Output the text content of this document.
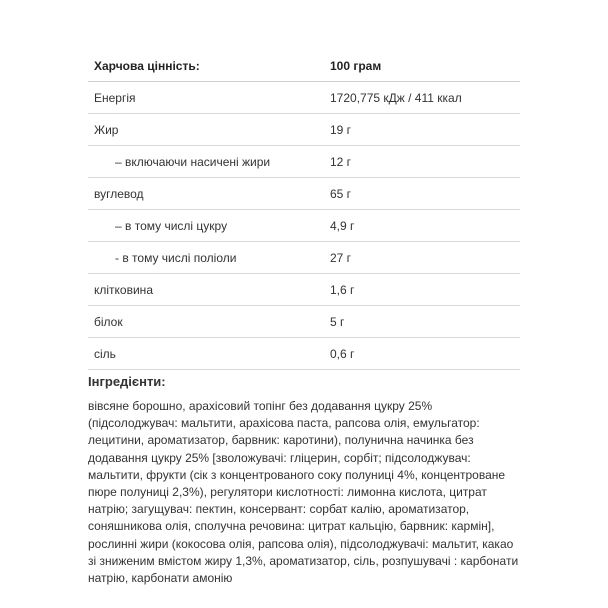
Харчова цінність:	100 грам
Енергія	1720,775 кДж / 411 ккал
Жир	19 г
– включаючи насичені жири	12 г
вуглевод	65 г
– в тому числі цукру	4,9 г
- в тому числі поліоли	27 г
клітковина	1,6 г
білок	5 г
сіль	0,6 г
Інгредієнти:
вівсяне борошно, арахісовий топінг без додавання цукру 25% (підсолоджувач: мальтити, арахісова паста, рапсова олія, емульгатор: лецитини, ароматизатор, барвник: каротини), полунична начинка без додавання цукру 25% [зволожувачі: гліцерин, сорбіт; підсолоджувач: мальтити, фрукти (сік з концентрованого соку полуниці 4%, концентроване пюре полуниці 2,3%), регулятори кислотності: лимонна кислота, цитрат натрію; загущувач: пектин, консервант: сорбат калію, ароматизатор, соняшникова олія, сполучна речовина: цитрат кальцію, барвник: кармін], рослинні жири (кокосова олія, рапсова олія), підсолоджувачі: мальтит, какао зі зниженим вмістом жиру 1,3%, ароматизатор, сіль, розпушувачі : карбонати натрію, карбонати амонію
